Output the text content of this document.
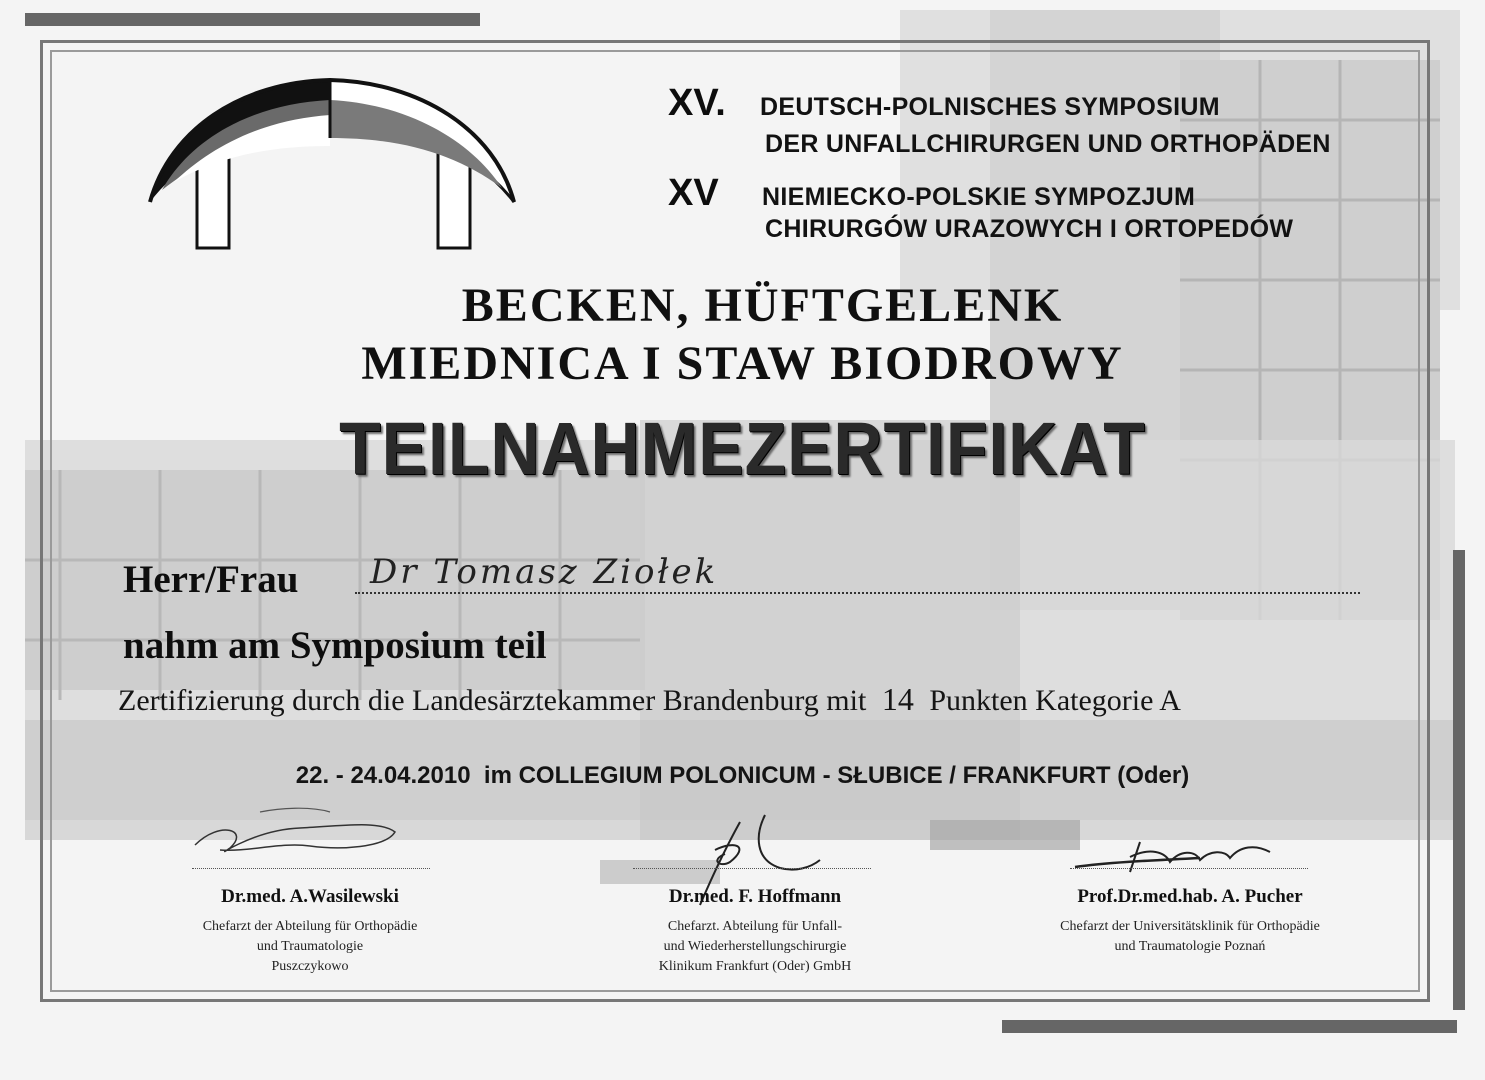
XV. DEUTSCH-POLNISCHES SYMPOSIUM
DER UNFALLCHIRURGEN UND ORTHOPÄDEN
XV NIEMIECKO-POLSKIE SYMPOZJUM
CHIRURGÓW URAZOWYCH I ORTOPEDÓW
BECKEN, HÜFTGELENK
MIEDNICA I STAW BIODROWY
TEILNAHMEZERTIFIKAT
Herr/Frau Dr Tomasz Ziołek
nahm am Symposium teil
Zertifizierung durch die Landesärztekammer Brandenburg mit 14 Punkten Kategorie A
22. - 24.04.2010 im COLLEGIUM POLONICUM - SŁUBICE / FRANKFURT (Oder)
Dr.med. A.Wasilewski
Chefarzt der Abteilung für Orthopädie
und Traumatologie
Puszczykowo
Dr.med. F. Hoffmann
Chefarzt. Abteilung für Unfall-
und Wiederherstellungschirurgie
Klinikum Frankfurt (Oder) GmbH
Prof.Dr.med.hab. A. Pucher
Chefarzt der Universitätsklinik für Orthopädie
und Traumatologie Poznań
